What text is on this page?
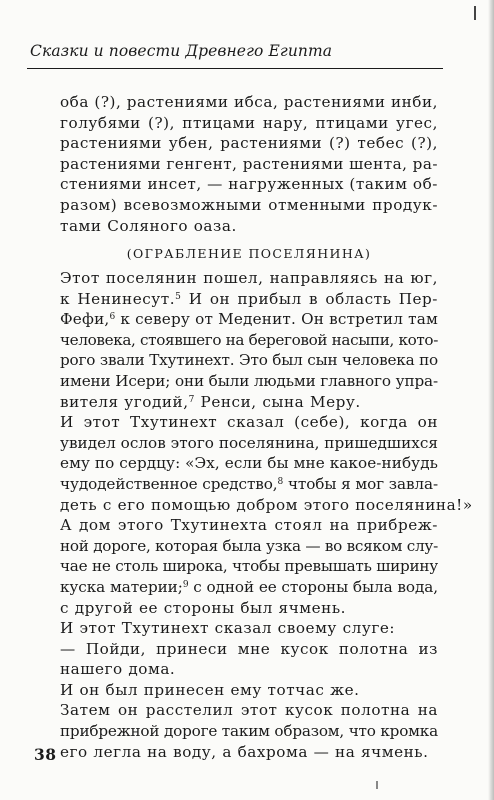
Сказки и повести Древнего Египта
оба (?), растениями ибса, растениями инби,
голубями (?), птицами нару, птицами угес,
растениями убен, растениями (?) тебес (?),
растениями генгент, растениями шента, ра-
стениями инсет, — нагруженных (таким об-
разом) всевозможными отменными продук-
тами Соляного оаза.
(ОГРАБЛЕНИЕ ПОСЕЛЯНИНА)
Этот поселянин пошел, направляясь на юг,
к Ненинесут.$^5$ И он прибыл в область Пер-
Фефи,$^6$ к северу от Меденит. Он встретил там
человека, стоявшего на береговой насыпи, кото-
рого звали Тхутинехт. Это был сын человека по
имени Исери; они были людьми главного упра-
вителя угодий,$^7$ Ренси, сына Меру.
И этот Тхутинехт сказал (себе), когда он
увидел ослов этого поселянина, пришедшихся
ему по сердцу: «Эх, если бы мне какое-нибудь
чудодейственное средство,$^8$ чтобы я мог завла-
деть с его помощью добром этого поселянина!»
А дом этого Тхутинехта стоял на прибреж-
ной дороге, которая была узка — во всяком слу-
чае не столь широка, чтобы превышать ширину
куска материи;$^9$ с одной ее стороны была вода,
с другой ее стороны был ячмень.
И этот Тхутинехт сказал своему слуге:
— Пойди, принеси мне кусок полотна из
нашего дома.
И он был принесен ему тотчас же.
Затем он расстелил этот кусок полотна на
прибрежной дороге таким образом, что кромка
его легла на воду, а бахрома — на ячмень.
38
